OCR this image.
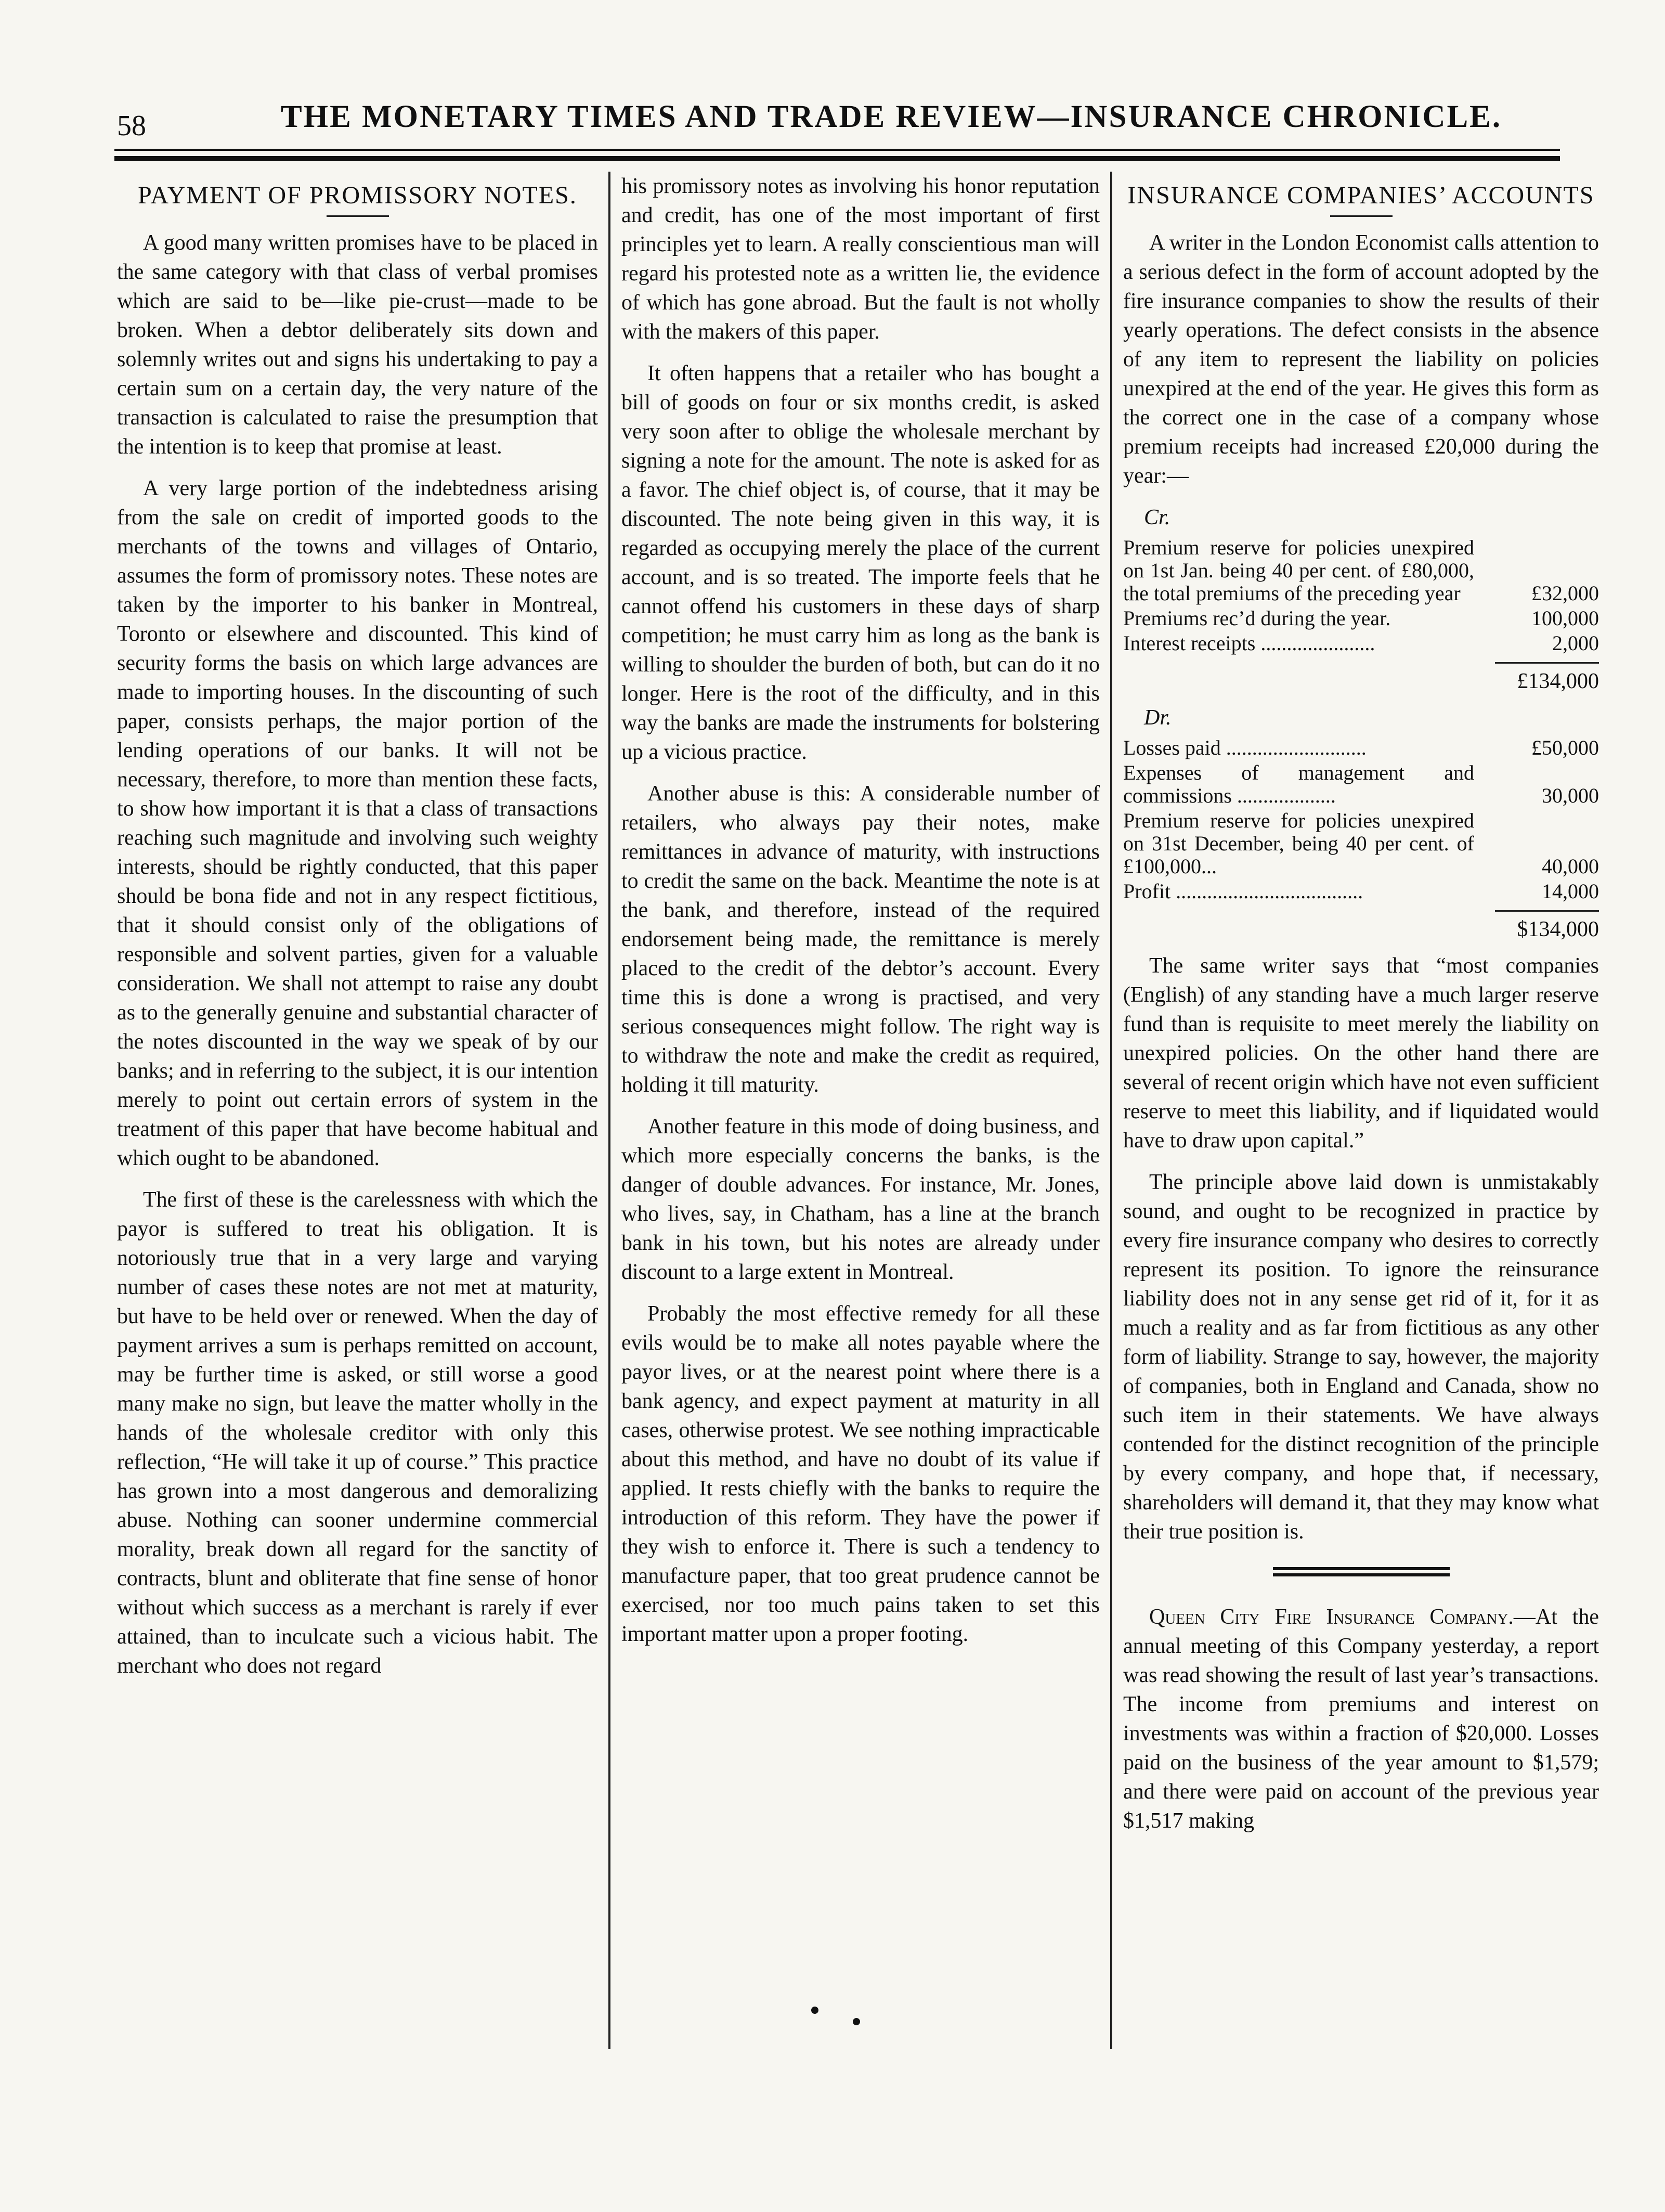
58	THE MONETARY TIMES AND TRADE REVIEW—INSURANCE CHRONICLE.
PAYMENT OF PROMISSORY NOTES.

A good many written promises have to be placed in the same category with that class of verbal promises which are said to be—like pie-crust—made to be broken. When a debtor deliberately sits down and solemnly writes out and signs his undertaking to pay a certain sum on a certain day, the very nature of the transaction is calculated to raise the presumption that the intention is to keep that promise at least.

A very large portion of the indebtedness arising from the sale on credit of imported goods to the merchants of the towns and villages of Ontario, assumes the form of promissory notes. These notes are taken by the importer to his banker in Montreal, Toronto or elsewhere and discounted. This kind of security forms the basis on which large advances are made to importing houses. In the discounting of such paper, consists perhaps, the major portion of the lending operations of our banks. It will not be necessary, therefore, to more than mention these facts, to show how important it is that a class of transactions reaching such magnitude and involving such weighty interests, should be rightly conducted, that this paper should be bona fide and not in any respect fictitious, that it should consist only of the obligations of responsible and solvent parties, given for a valuable consideration. We shall not attempt to raise any doubt as to the generally genuine and substantial character of the notes discounted in the way we speak of by our banks; and in referring to the subject, it is our intention merely to point out certain errors of system in the treatment of this paper that have become habitual and which ought to be abandoned.

The first of these is the carelessness with which the payor is suffered to treat his obligation. It is notoriously true that in a very large and varying number of cases these notes are not met at maturity, but have to be held over or renewed. When the day of payment arrives a sum is perhaps remitted on account, may be further time is asked, or still worse a good many make no sign, but leave the matter wholly in the hands of the wholesale creditor with only this reflection, “He will take it up of course.” This practice has grown into a most dangerous and demoralizing abuse. Nothing can sooner undermine commercial morality, break down all regard for the sanctity of contracts, blunt and obliterate that fine sense of honor without which success as a merchant is rarely if ever attained, than to inculcate such a vicious habit. The merchant who does not regard

his promissory notes as involving his honor reputation and credit, has one of the most important of first principles yet to learn. A really conscientious man will regard his protested note as a written lie, the evidence of which has gone abroad. But the fault is not wholly with the makers of this paper.

It often happens that a retailer who has bought a bill of goods on four or six months credit, is asked very soon after to oblige the wholesale merchant by signing a note for the amount. The note is asked for as a favor. The chief object is, of course, that it may be discounted. The note being given in this way, it is regarded as occupying merely the place of the current account, and is so treated. The importe feels that he cannot offend his customers in these days of sharp competition; he must carry him as long as the bank is willing to shoulder the burden of both, but can do it no longer. Here is the root of the difficulty, and in this way the banks are made the instruments for bolstering up a vicious practice.

Another abuse is this: A considerable number of retailers, who always pay their notes, make remittances in advance of maturity, with instructions to credit the same on the back. Meantime the note is at the bank, and therefore, instead of the required endorsement being made, the remittance is merely placed to the credit of the debtor’s account. Every time this is done a wrong is practised, and very serious consequences might follow. The right way is to withdraw the note and make the credit as required, holding it till maturity.

Another feature in this mode of doing business, and which more especially concerns the banks, is the danger of double advances. For instance, Mr. Jones, who lives, say, in Chatham, has a line at the branch bank in his town, but his notes are already under discount to a large extent in Montreal.

Probably the most effective remedy for all these evils would be to make all notes payable where the payor lives, or at the nearest point where there is a bank agency, and expect payment at maturity in all cases, otherwise protest. We see nothing impracticable about this method, and have no doubt of its value if applied. It rests chiefly with the banks to require the introduction of this reform. They have the power if they wish to enforce it. There is such a tendency to manufacture paper, that too great prudence cannot be exercised, nor too much pains taken to set this important matter upon a proper footing.

INSURANCE COMPANIES’ ACCOUNTS

A writer in the London Economist calls attention to a serious defect in the form of account adopted by the fire insurance companies to show the results of their yearly operations. The defect consists in the absence of any item to represent the liability on policies unexpired at the end of the year. He gives this form as the correct one in the case of a company whose premium receipts had increased £20,000 during the year:—

Cr.
Premium reserve for policies unexpired on 1st Jan. being 40 per cent. of £80,000, the total premiums of the preceding year	£32,000
Premiums rec’d during the year.	100,000
Interest receipts ......................	2,000
£134,000
Dr.
Losses paid ...........................	£50,000
Expenses of management and commissions ...................	30,000
Premium reserve for policies unexpired on 31st December, being 40 per cent. of £100,000...	40,000
Profit ....................................	14,000
$134,000

The same writer says that “most companies (English) of any standing have a much larger reserve fund than is requisite to meet merely the liability on unexpired policies. On the other hand there are several of recent origin which have not even sufficient reserve to meet this liability, and if liquidated would have to draw upon capital.”

The principle above laid down is unmistakably sound, and ought to be recognized in practice by every fire insurance company who desires to correctly represent its position. To ignore the reinsurance liability does not in any sense get rid of it, for it as much a reality and as far from fictitious as any other form of liability. Strange to say, however, the majority of companies, both in England and Canada, show no such item in their statements. We have always contended for the distinct recognition of the principle by every company, and hope that, if necessary, shareholders will demand it, that they may know what their true position is.

Queen City Fire Insurance Company.—At the annual meeting of this Company yesterday, a report was read showing the result of last year’s transactions. The income from premiums and interest on investments was within a fraction of $20,000. Losses paid on the business of the year amount to $1,579; and there were paid on account of the previous year $1,517 making
